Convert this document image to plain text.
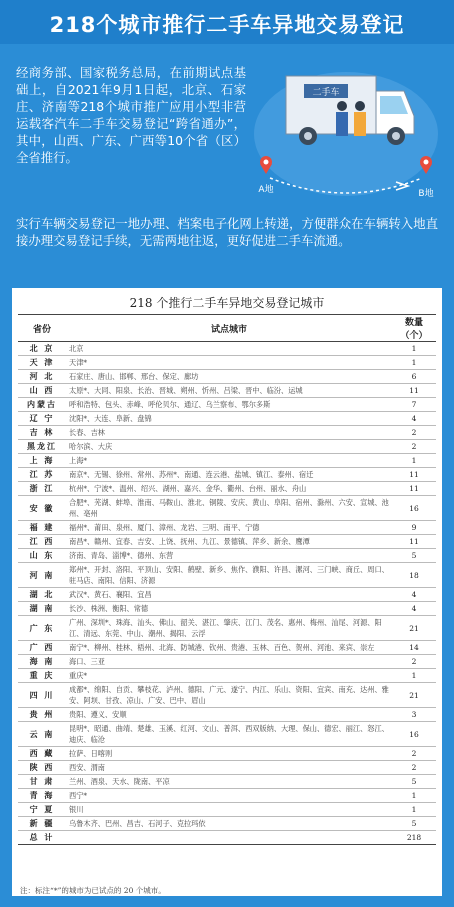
218个城市推行二手车异地交易登记
经商务部、国家税务总局，在前期试点基础上，自2021年9月1日起，北京、石家庄、济南等218个城市推广应用小型非营运载客汽车二手车交易登记“跨省通办”，其中，山西、广东、广西等10个省（区）全省推行。
二手车
A地	B地
实行车辆交易登记一地办理、档案电子化网上转递，方便群众在车辆转入地直接办理交易登记手续，无需两地往返，更好促进二手车流通。
218 个推行二手车异地交易登记城市
省份	试点城市	数量（个）
北 京	北京	1
天 津	天津*	1
河 北	石家庄、唐山、邯郸、邢台、保定、廊坊	6
山 西	太原*、大同、阳泉、长治、晋城、朔州、忻州、吕梁、晋中、临汾、运城	11
内蒙古	呼和浩特、包头、赤峰、呼伦贝尔、通辽、乌兰察布、鄂尔多斯	7
辽 宁	沈阳*、大连、阜新、盘锦	4
吉 林	长春、吉林	2
黑龙江	哈尔滨、大庆	2
上 海	上海*	1
江 苏	南京*、无锡、徐州、常州、苏州*、南通、连云港、盐城、镇江、泰州、宿迁	11
浙 江	杭州*、宁波*、温州、绍兴、湖州、嘉兴、金华、衢州、台州、丽水、舟山	11
安 徽	合肥*、芜湖、蚌埠、淮南、马鞍山、淮北、铜陵、安庆、黄山、阜阳、宿州、滁州、六安、宣城、池州、亳州	16
福 建	福州*、莆田、泉州、厦门、漳州、龙岩、三明、南平、宁德	9
江 西	南昌*、赣州、宜春、吉安、上饶、抚州、九江、景德镇、萍乡、新余、鹰潭	11
山 东	济南、青岛、淄博*、德州、东营	5
河 南	郑州*、开封、洛阳、平顶山、安阳、鹤壁、新乡、焦作、濮阳、许昌、漯河、三门峡、商丘、周口、驻马店、南阳、信阳、济源	18
湖 北	武汉*、黄石、襄阳、宜昌	4
湖 南	长沙、株洲、衡阳、常德	4
广 东	广州、深圳*、珠海、汕头、佛山、韶关、湛江、肇庆、江门、茂名、惠州、梅州、汕尾、河源、阳江、清远、东莞、中山、潮州、揭阳、云浮	21
广 西	南宁*、柳州、桂林、梧州、北海、防城港、钦州、贵港、玉林、百色、贺州、河池、来宾、崇左	14
海 南	海口、三亚	2
重 庆	重庆*	1
四 川	成都*、绵阳、自贡、攀枝花、泸州、德阳、广元、遂宁、内江、乐山、资阳、宜宾、南充、达州、雅安、阿坝、甘孜、凉山、广安、巴中、眉山	21
贵 州	贵阳、遵义、安顺	3
云 南	昆明*、昭通、曲靖、楚雄、玉溪、红河、文山、普洱、西双版纳、大理、保山、德宏、丽江、怒江、迪庆、临沧	16
西 藏	拉萨、日喀则	2
陕 西	西安、渭南	2
甘 肃	兰州、酒泉、天水、陇南、平凉	5
青 海	西宁*	1
宁 夏	银川	1
新 疆	乌鲁木齐、巴州、昌吉、石河子、克拉玛依	5
总 计		218
注：标注“*”的城市为已试点的 20 个城市。
